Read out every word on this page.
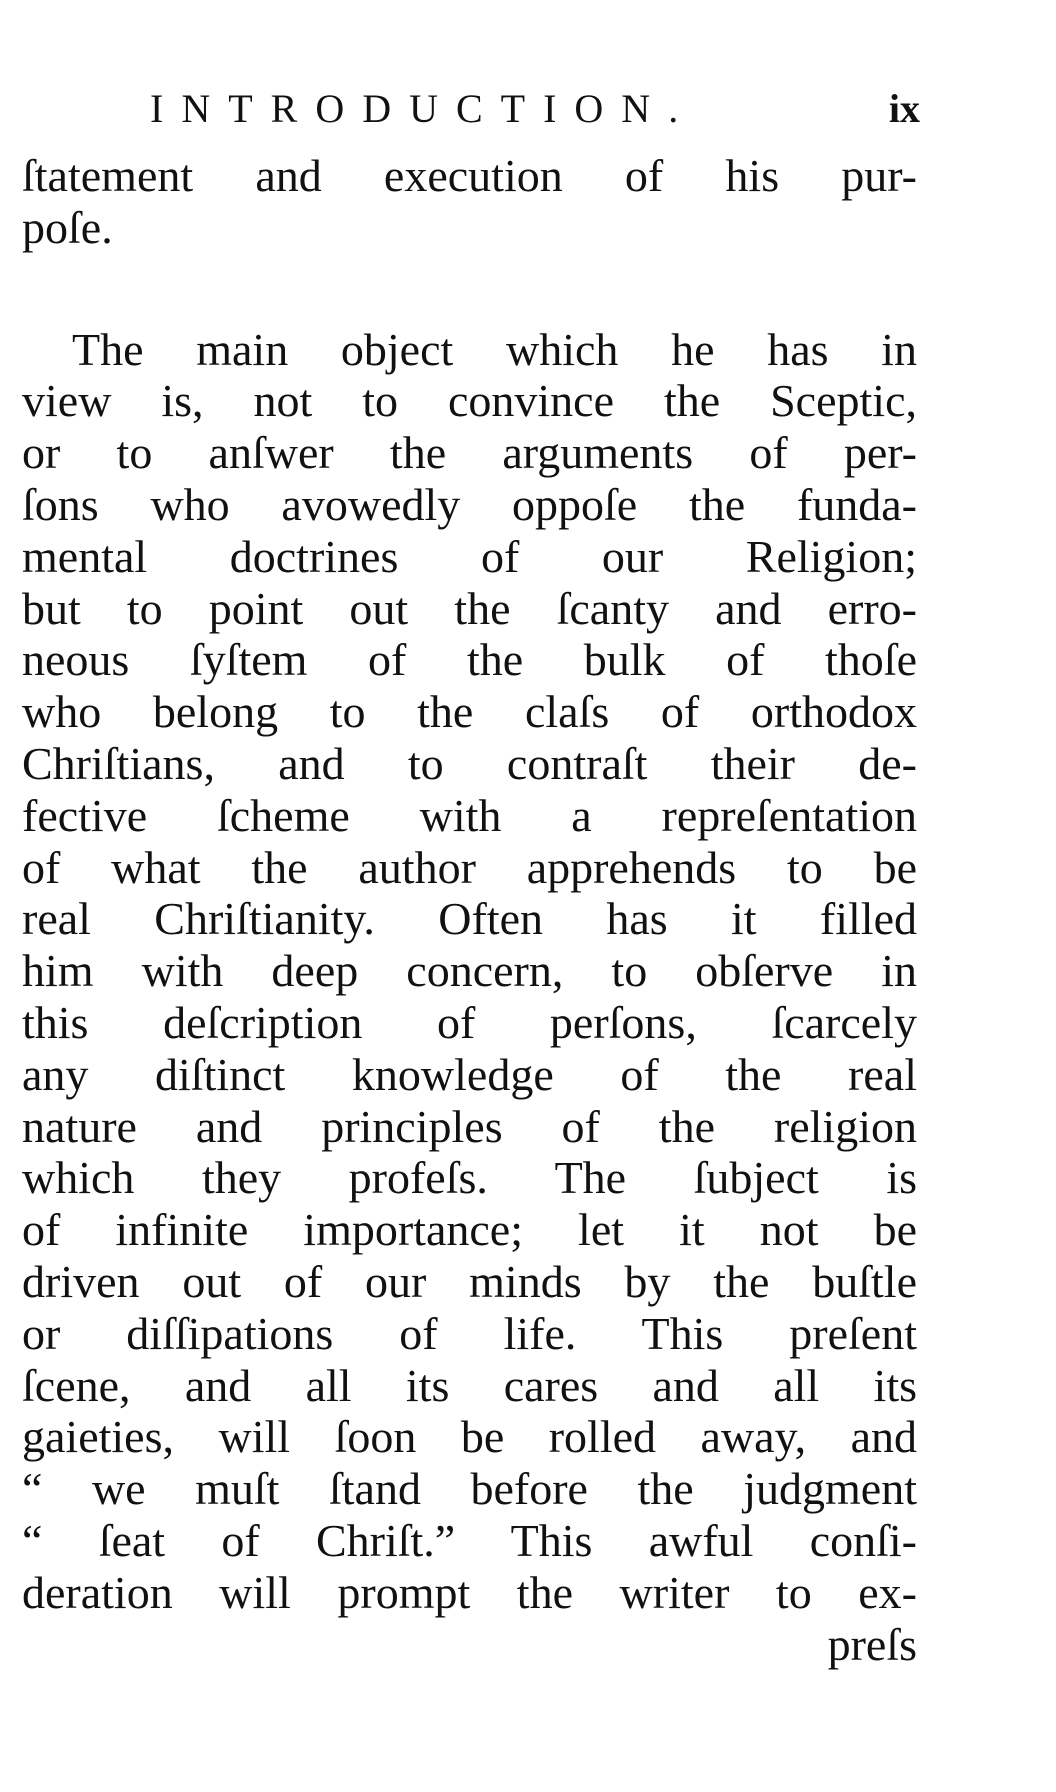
INTRODUCTION.	ix
ſtatement and execution of his pur-
poſe.
The main object which he has in
view is, not to convince the Sceptic,
or to anſwer the arguments of per-
ſons who avowedly oppoſe the funda-
mental doctrines of our Religion;
but to point out the ſcanty and erro-
neous ſyſtem of the bulk of thoſe
who belong to the claſs of orthodox
Chriſtians, and to contraſt their de-
fective ſcheme with a repreſentation
of what the author apprehends to be
real Chriſtianity. Often has it filled
him with deep concern, to obſerve in
this deſcription of perſons, ſcarcely
any diſtinct knowledge of the real
nature and principles of the religion
which they profeſs. The ſubject is
of infinite importance; let it not be
driven out of our minds by the buſtle
or diſſipations of life. This preſent
ſcene, and all its cares and all its
gaieties, will ſoon be rolled away, and
“ we muſt ſtand before the judgment
“ ſeat of Chriſt.” This awful conſi-
deration will prompt the writer to ex-
preſs
